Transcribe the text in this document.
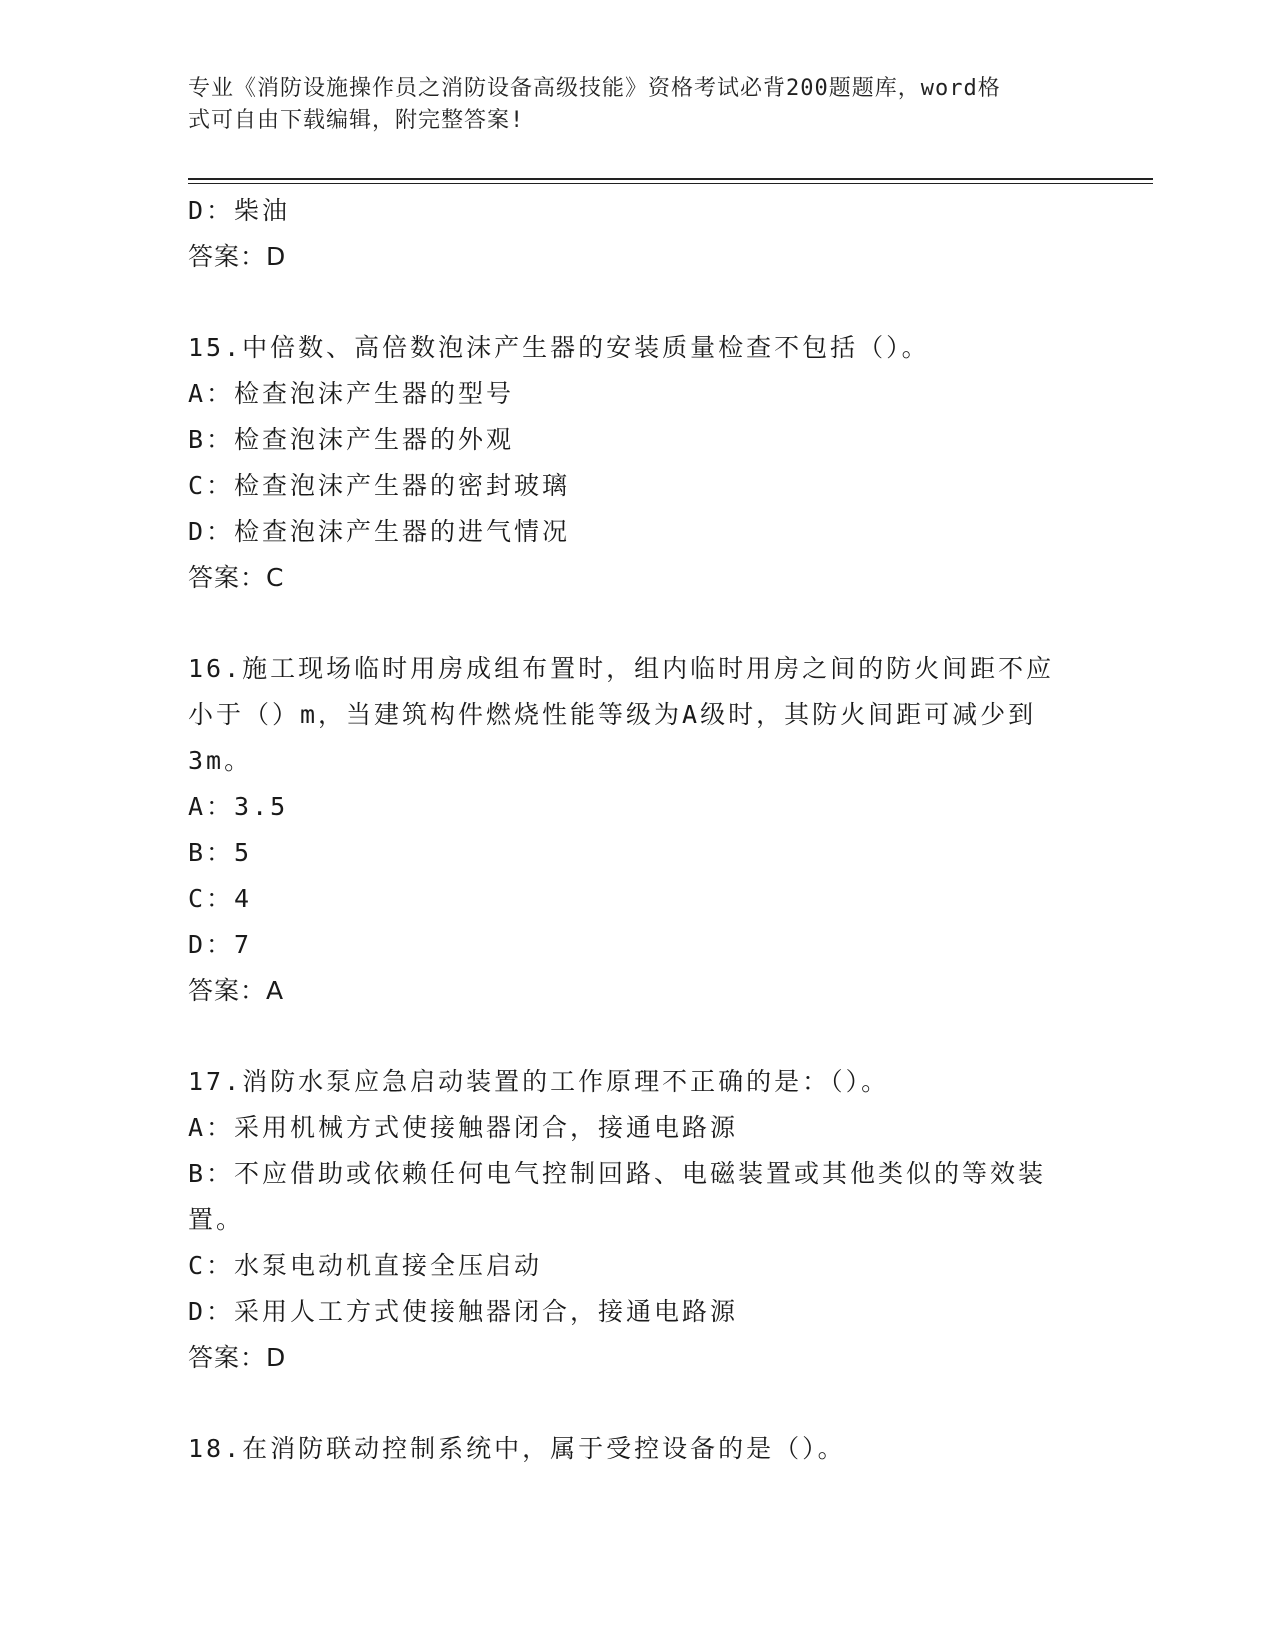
专业《消防设施操作员之消防设备高级技能》资格考试必背200题题库，word格
式可自由下载编辑，附完整答案!
D：柴油
答案：D
15.中倍数、高倍数泡沫产生器的安装质量检查不包括（）。
A：检查泡沫产生器的型号
B：检查泡沫产生器的外观
C：检查泡沫产生器的密封玻璃
D：检查泡沫产生器的进气情况
答案：C
16.施工现场临时用房成组布置时，组内临时用房之间的防火间距不应
小于（）m，当建筑构件燃烧性能等级为A级时，其防火间距可减少到
3m。
A：3.5
B：5
C：4
D：7
答案：A
17.消防水泵应急启动装置的工作原理不正确的是：（）。
A：采用机械方式使接触器闭合，接通电路源
B：不应借助或依赖任何电气控制回路、电磁装置或其他类似的等效装
置。
C：水泵电动机直接全压启动
D：采用人工方式使接触器闭合，接通电路源
答案：D
18.在消防联动控制系统中，属于受控设备的是（）。
